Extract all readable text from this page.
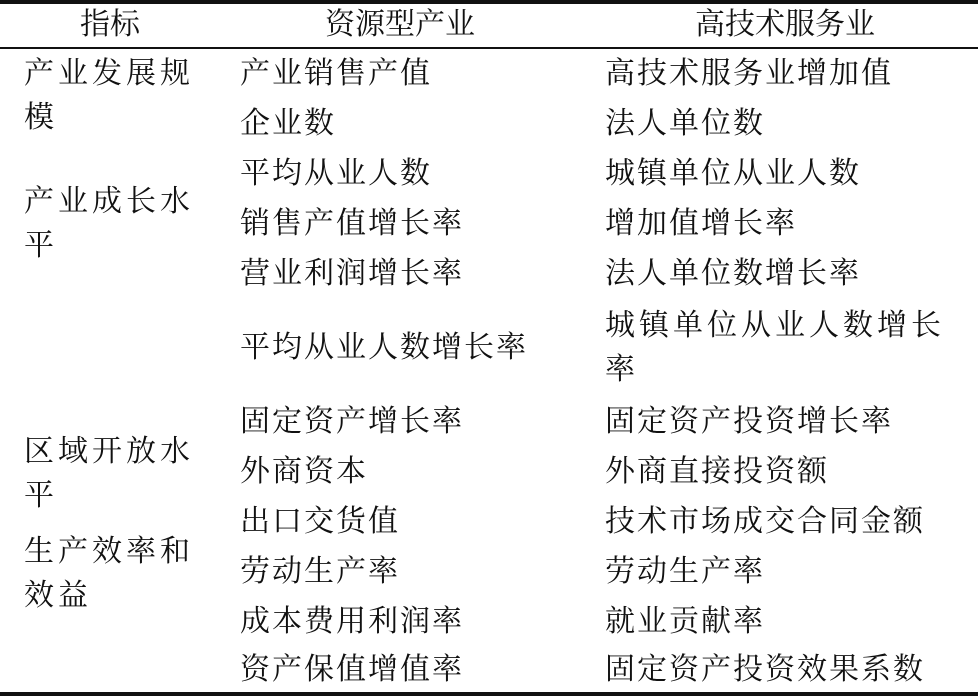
指标	资源型产业	高技术服务业
产业发展规模
产业成长水平
区域开放水平
生产效率和效益
产业销售产值
企业数
平均从业人数
销售产值增长率
营业利润增长率
平均从业人数增长率
固定资产增长率
外商资本
出口交货值
劳动生产率
成本费用利润率
资产保值增值率
高技术服务业增加值
法人单位数
城镇单位从业人数
增加值增长率
法人单位数增长率
城镇单位从业人数增长率
固定资产投资增长率
外商直接投资额
技术市场成交合同金额
劳动生产率
就业贡献率
固定资产投资效果系数
